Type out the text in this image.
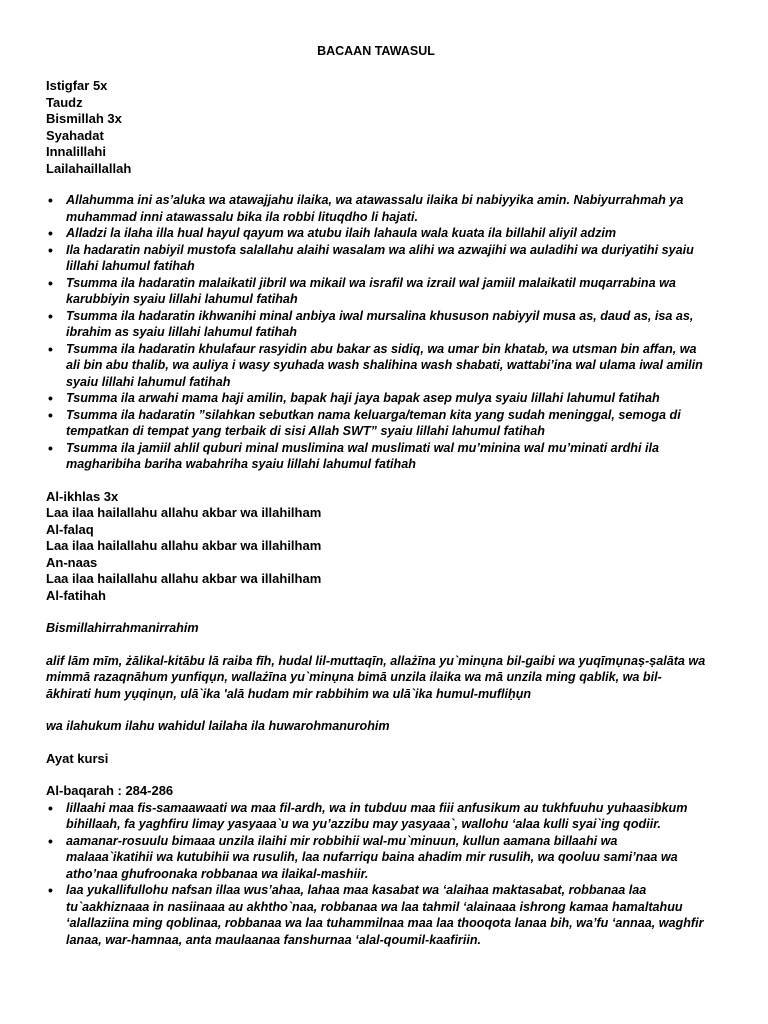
BACAAN TAWASUL
Istigfar 5x
Taudz
Bismillah 3x
Syahadat
Innalillahi
Lailahaillallah
• Allahumma ini as’aluka wa atawajjahu ilaika, wa atawassalu ilaika bi nabiyyika amin. Nabiyurrahmah ya muhammad inni atawassalu bika ila robbi lituqdho li hajati.
• Alladzi la ilaha illa hual hayul qayum wa atubu ilaih lahaula wala kuata ila billahil aliyil adzim
• Ila hadaratin nabiyil mustofa salallahu alaihi wasalam wa alihi wa azwajihi wa auladihi wa duriyatihi syaiu lillahi lahumul fatihah
• Tsumma ila hadaratin malaikatil jibril wa mikail wa israfil wa izrail wal jamiil malaikatil muqarrabina wa karubbiyin syaiu lillahi lahumul fatihah
• Tsumma ila hadaratin ikhwanihi minal anbiya iwal mursalina khususon nabiyyil musa as, daud as, isa as, ibrahim as syaiu lillahi lahumul fatihah
• Tsumma ila hadaratin khulafaur rasyidin abu bakar as sidiq, wa umar bin khatab, wa utsman bin affan, wa ali bin abu thalib, wa auliya i wasy syuhada wash shalihina wash shabati, wattabi’ina wal ulama iwal amilin syaiu lillahi lahumul fatihah
• Tsumma ila arwahi mama haji amilin, bapak haji jaya bapak asep mulya syaiu lillahi lahumul fatihah
• Tsumma ila hadaratin ”silahkan sebutkan nama keluarga/teman kita yang sudah meninggal, semoga di tempatkan di tempat yang terbaik di sisi Allah SWT” syaiu lillahi lahumul fatihah
• Tsumma ila jamiil ahlil quburi minal muslimina wal muslimati wal mu’minina wal mu’minati ardhi ila magharibiha bariha wabahriha syaiu lillahi lahumul fatihah
Al-ikhlas 3x
Laa ilaa hailallahu allahu akbar wa illahilham
Al-falaq
Laa ilaa hailallahu allahu akbar wa illahilham
An-naas
Laa ilaa hailallahu allahu akbar wa illahilham
Al-fatihah
Bismillahirrahmanirrahim
alif lām mīm, żālikal-kitābu lā raiba fīh, hudal lil-muttaqīn, allażīna yu`minụna bil-gaibi wa yuqīmụnaṣ-ṣalāta wa mimmā razaqnāhum yunfiqụn, wallażīna yu`minụna bimā unzila ilaika wa mā unzila ming qablik, wa bil-ākhirati hum yụqinụn, ulā`ika 'alā hudam mir rabbihim wa ulā`ika humul-mufliḥụn
wa ilahukum ilahu wahidul lailaha ila huwarohmanurohim
Ayat kursi
Al-baqarah : 284-286
• lillaahi maa fis-samaawaati wa maa fil-ardh, wa in tubduu maa fiii anfusikum au tukhfuuhu yuhaasibkum bihillaah, fa yaghfiru limay yasyaaa`u wa yu’azzibu may yasyaaa`, wallohu ‘alaa kulli syai`ing qodiir.
• aamanar-rosuulu bimaaa unzila ilaihi mir robbihii wal-mu`minuun, kullun aamana billaahi wa malaaa`ikatihii wa kutubihii wa rusulih, laa nufarriqu baina ahadim mir rusulih, wa qooluu sami’naa wa atho’naa ghufroonaka robbanaa wa ilaikal-mashiir.
• laa yukallifullohu nafsan illaa wus’ahaa, lahaa maa kasabat wa ‘alaihaa maktasabat, robbanaa laa tu`aakhiznaaa in nasiinaaa au akhtho`naa, robbanaa wa laa tahmil ‘alainaaa ishrong kamaa hamaltahuu ‘alallaziina ming qoblinaa, robbanaa wa laa tuhammilnaa maa laa thooqota lanaa bih, wa’fu ‘annaa, waghfir lanaa, war-hamnaa, anta maulaanaa fanshurnaa ‘alal-qoumil-kaafiriin.
